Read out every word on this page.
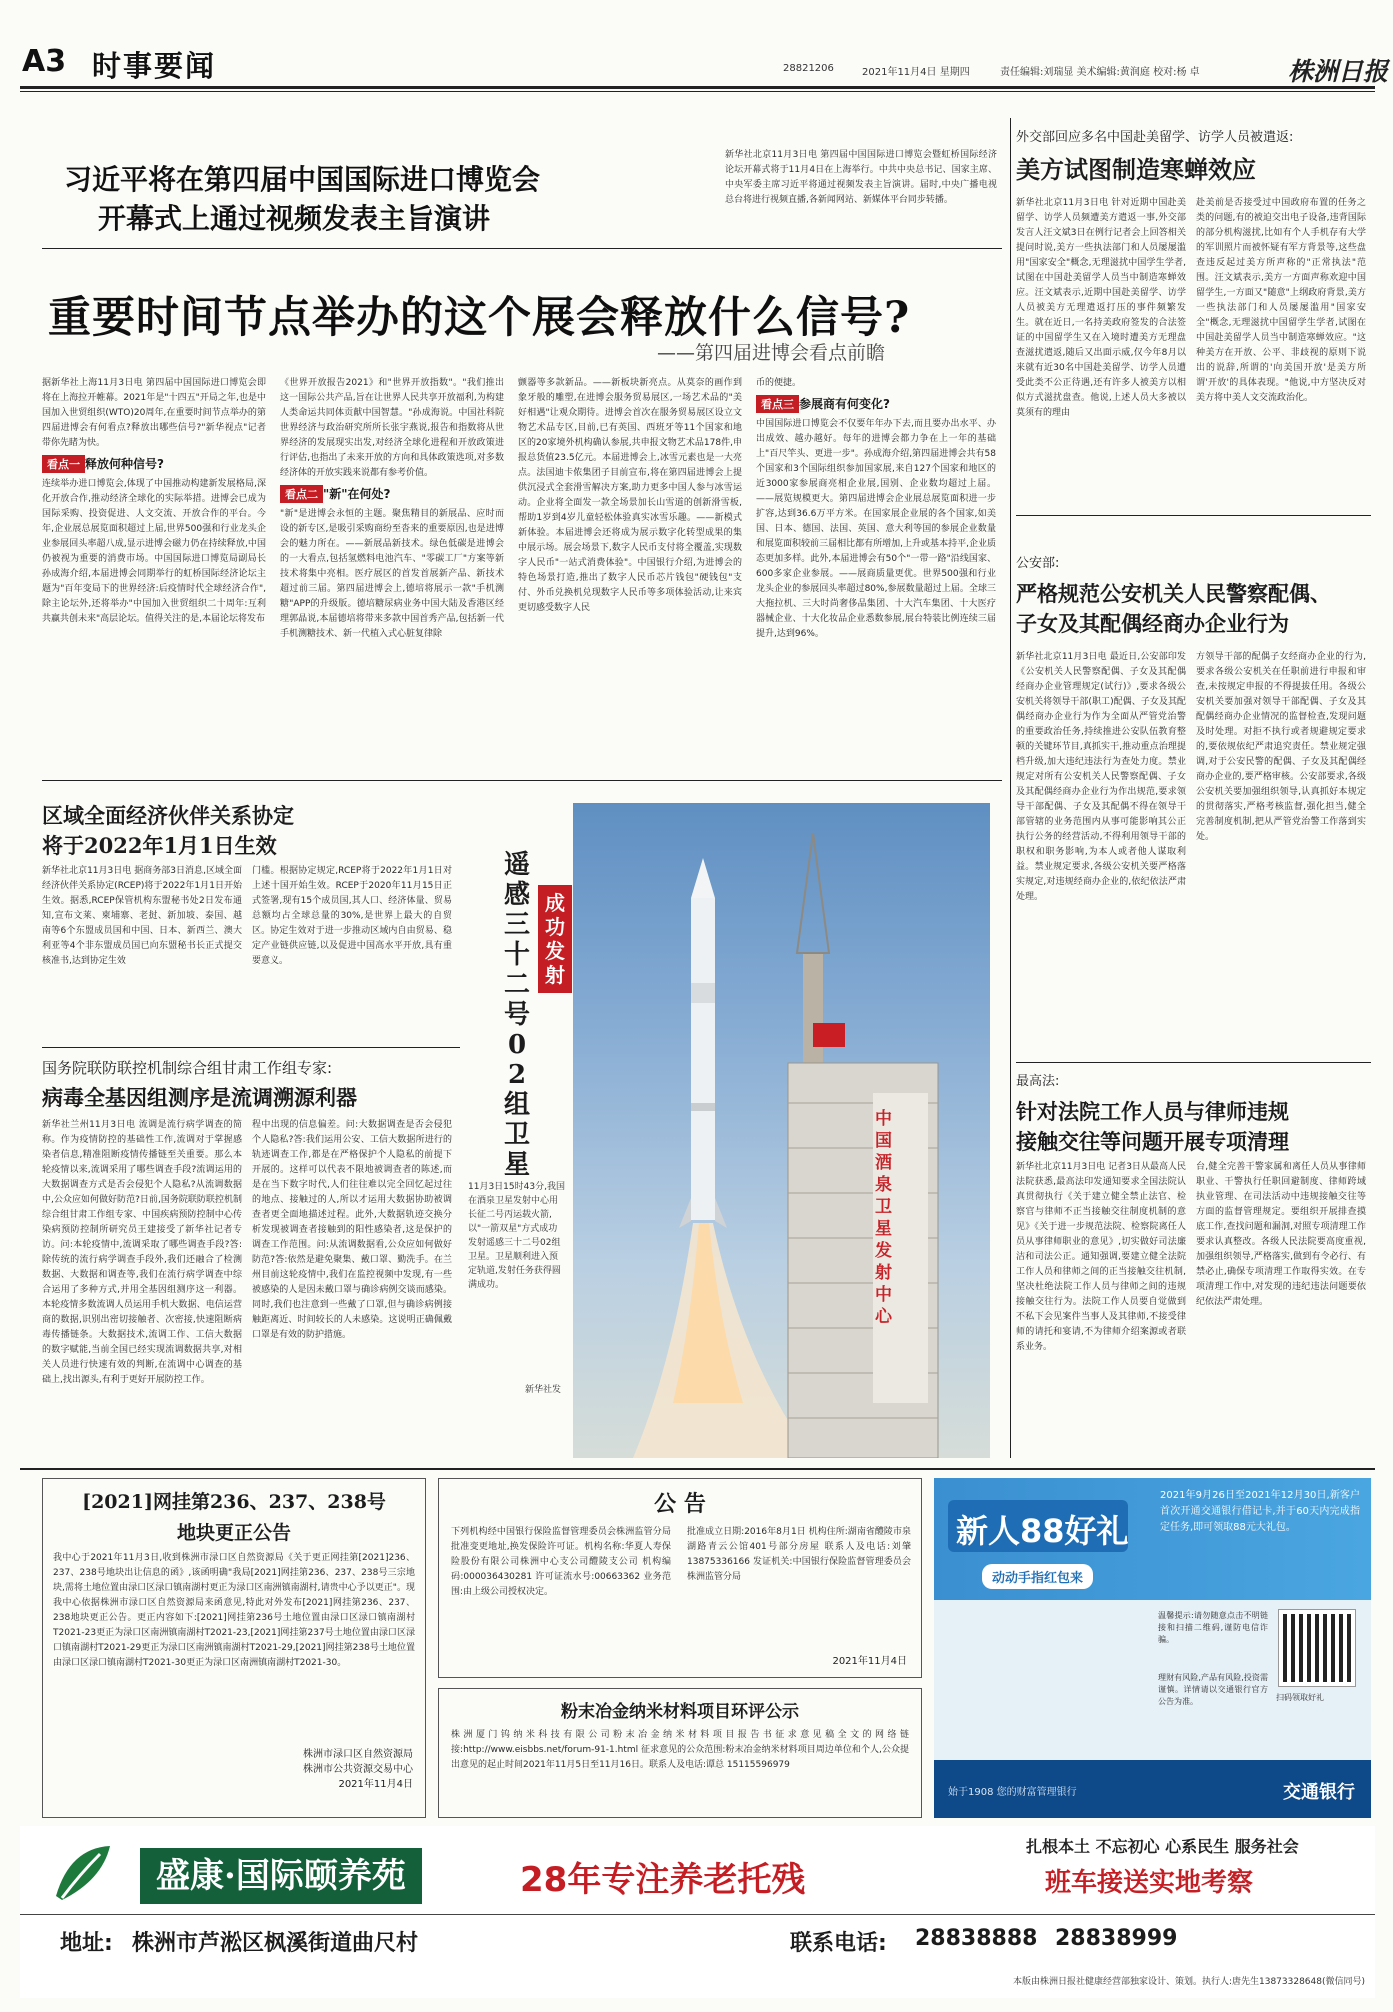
A3 时事要闻	28821206	2021年11月4日 星期四	责任编辑:刘瑞显 美术编辑:黄润庭 校对:杨 卓	株洲日报
习近平将在第四届中国国际进口博览会
开幕式上通过视频发表主旨演讲
新华社北京11月3日电 第四届中国国际进口博览会暨虹桥国际经济论坛开幕式将于11月4日在上海举行。中共中央总书记、国家主席、中央军委主席习近平将通过视频发表主旨演讲。届时,中央广播电视总台将进行视频直播,各新闻网站、新媒体平台同步转播。
重要时间节点举办的这个展会释放什么信号?
——第四届进博会看点前瞻
据新华社上海11月3日电 第四届中国国际进口博览会即将在上海拉开帷幕。2021年是"十四五"开局之年,也是中国加入世贸组织(WTO)20周年,在重要时间节点举办的第四届进博会有何看点?释放出哪些信号?"新华视点"记者带你先睹为快。
看点一 释放何种信号?
连续举办进口博览会,体现了中国推动构建新发展格局,深化开放合作,推动经济全球化的实际举措。进博会已成为国际采购、投资促进、人文交流、开放合作的平台。今年,企业展总展览面积超过上届,世界500强和行业龙头企业参展回头率超八成,显示进博会磁力仍在持续释放,中国仍被视为重要的消费市场。中国国际进口博览局副局长孙成海介绍,本届进博会同期举行的虹桥国际经济论坛主题为"百年变局下的世界经济:后疫情时代全球经济合作",除主论坛外,还将举办"中国加入世贸组织二十周年:互利共赢共创未来"高层论坛。值得关注的是,本届论坛将发布
《世界开放报告2021》和"世界开放指数"。"我们推出这一国际公共产品,旨在让世界人民共享开放福利,为构建人类命运共同体贡献中国智慧。"孙成海说。中国社科院世界经济与政治研究所所长张宇燕说,报告和指数将从世界经济的发展现实出发,对经济全球化进程和开放政策进行评估,也指出了未来开放的方向和具体政策选项,对多数经济体的开放实践来说都有参考价值。
看点二 "新"在何处?
"新"是进博会永恒的主题。聚焦精目的新展品、应时而设的新专区,是吸引采购商纷至沓来的重要原因,也是进博会的魅力所在。——新展品新技术。绿色低碳是进博会的一大看点,包括氢燃料电池汽车、"零碳工厂"方案等新技术将集中亮相。医疗展区的首发首展新产品、新技术超过前三届。第四届进博会上,德培将展示一款"手机测糖"APP的升级版。德培糖尿病业务中国大陆及香港区经理郭晶说,本届德培将带来多款中国首秀产品,包括新一代手机测糖技术、新一代植入式心脏复律除
颤器等多款新品。——新板块新亮点。从莫奈的画作到象牙般的雕塑,在进博会服务贸易展区,一场艺术品的"美好相遇"让观众期待。进博会首次在服务贸易展区设立文物艺术品专区,目前,已有英国、西班牙等11个国家和地区的20家境外机构确认参展,共申报文物艺术品178件,申报总货值23.5亿元。本届进博会上,冰雪元素也是一大亮点。法国迪卡侬集团子目前宣布,将在第四届进博会上提供沉浸式全套滑雪解决方案,助力更多中国人参与冰雪运动。企业将全面发一款全场景加长山雪道的创新滑雪板,帮助1岁到4岁儿童轻松体验真实冰雪乐趣。——新模式新体验。本届进博会还将成为展示数字化转型成果的集中展示场。展会场景下,数字人民币支付将全覆盖,实现数字人民币"一站式消费体验"。中国银行介绍,为进博会的特色场景打造,推出了数字人民币芯片钱包"硬钱包"支付、外币兑换机兑现数字人民币等多项体验活动,让来宾更切感受数字人民
币的便捷。
看点三 参展商有何变化?
中国国际进口博览会不仅要年年办下去,而且要办出水平、办出成效、越办越好。每年的进博会都力争在上一年的基础上"百尺竿头、更进一步"。孙成海介绍,第四届进博会共有58个国家和3个国际组织参加国家展,来自127个国家和地区的近3000家参展商亮相企业展,国别、企业数均超过上届。——展览规模更大。第四届进博会企业展总展览面积进一步扩容,达到36.6万平方米。在国家展企业展的各个国家,如美国、日本、德国、法国、英国、意大利等国的参展企业数量和展览面积较前三届相比都有所增加,上升或基本持平,企业质态更加多样。此外,本届进博会有50个"一带一路"沿线国家、600多家企业参展。——展商质量更优。世界500强和行业龙头企业的参展回头率超过80%,参展数量超过上届。全球三大拖拉机、三大时尚奢侈品集团、十大汽车集团、十大医疗器械企业、十大化妆品企业悉数参展,展台特装比例连续三届提升,达到96%。
区域全面经济伙伴关系协定
将于2022年1月1日生效
新华社北京11月3日电 据商务部3日消息,区域全面经济伙伴关系协定(RCEP)将于2022年1月1日开始生效。据悉,RCEP保管机构东盟秘书处2日发布通知,宣布文莱、柬埔寨、老挝、新加坡、泰国、越南等6个东盟成员国和中国、日本、新西兰、澳大利亚等4个非东盟成员国已向东盟秘书长正式提交核准书,达到协定生效
门槛。根据协定规定,RCEP将于2022年1月1日对上述十国开始生效。RCEP于2020年11月15日正式签署,现有15个成员国,其人口、经济体量、贸易总额均占全球总量的30%,是世界上最大的自贸区。协定生效对于进一步推动区域内自由贸易、稳定产业链供应链,以及促进中国高水平开放,具有重要意义。
国务院联防联控机制综合组甘肃工作组专家:
病毒全基因组测序是流调溯源利器
新华社兰州11月3日电 流调是流行病学调查的简称。作为疫情防控的基础性工作,流调对于掌握感染者信息,精准阻断疫情传播链至关重要。那么本轮疫情以来,流调采用了哪些调查手段?流调运用的大数据调查方式是否会侵犯个人隐私?从流调数据中,公众应如何做好防范?日前,国务院联防联控机制综合组甘肃工作组专家、中国疾病预防控制中心传染病预防控制所研究员王建接受了新华社记者专访。问:本轮疫情中,流调采取了哪些调查手段?答:除传统的流行病学调查手段外,我们还融合了检测数据、大数据和调查等,我们在流行病学调查中综合运用了多种方式,并用全基因组测序这一利器。本轮疫情多数流调人员运用手机大数据、电信运营商的数据,识别出密切接触者、次密接,快速阻断病毒传播链条。大数据技术,流调工作、工信大数据的数字赋能,当前全国已经实现流调数据共享,对相关人员进行快速有效的判断,在流调中心调查的基础上,找出源头,有利于更好开展防控工作。
程中出现的信息偏差。问:大数据调查是否会侵犯个人隐私?答:我们运用公安、工信大数据所进行的轨迹调查工作,都是在严格保护个人隐私的前提下开展的。这样可以代表不限地被调查者的陈述,而是在当下数字时代,人们往往难以完全回忆起过往的地点、接触过的人,所以才运用大数据协助被调查者更全面地描述过程。此外,大数据轨迹交换分析发现被调查者接触到的阳性感染者,这是保护的调查工作范围。问:从流调数据看,公众应如何做好防范?答:依然是避免聚集、戴口罩、勤洗手。在兰州目前这轮疫情中,我们在监控视频中发现,有一些被感染的人是因未戴口罩与确诊病例交谈而感染。同时,我们也注意到一些戴了口罩,但与确诊病例接触距离近、时间较长的人未感染。这说明正确佩戴口罩是有效的防护措施。
中国酒泉卫星发射中心
成功发射
遥感三十二号02组卫星
11月3日15时43分,我国在酒泉卫星发射中心用长征二号丙运载火箭,以"一箭双星"方式成功发射遥感三十二号02组卫星。卫星顺利进入预定轨道,发射任务获得圆满成功。
新华社发
外交部回应多名中国赴美留学、访学人员被遣返:
美方试图制造寒蝉效应
新华社北京11月3日电 针对近期中国赴美留学、访学人员频遭美方遣返一事,外交部发言人汪文斌3日在例行记者会上回答相关提问时说,美方一些执法部门和人员屡屡滥用"国家安全"概念,无理滋扰中国学生学者,试图在中国赴美留学人员当中制造寒蝉效应。汪文斌表示,近期中国赴美留学、访学人员被美方无理遣返打压的事件频繁发生。就在近日,一名持美政府签发的合法签证的中国留学生又在入境时遭美方无理盘查滋扰遣返,随后又出面示威,仅今年8月以来就有近30名中国赴美留学、访学人员遭受此类不公正待遇,还有许多人被美方以相似方式滋扰盘查。他说,上述人员大多被以莫须有的理由
赴美前是否接受过中国政府布置的任务之类的问题,有的被迫交出电子设备,违背国际的部分机构滋扰,比如有个人手机存有大学的军训照片而被怀疑有军方背景等,这些盘查违反起过美方所声称的"正常执法"范围。汪文斌表示,美方一方面声称欢迎中国留学生,一方面又"随意"上纲政府背景,美方一些执法部门和人员屡屡滥用"国家安全"概念,无理滋扰中国留学生学者,试图在中国赴美留学人员当中制造寒蝉效应。"这种美方在开放、公平、非歧视的原则下说出的说辞,所谓的'向美国开放'是美方所谓'开放'的具体表现。"他说,中方坚决反对美方将中美人文交流政治化。
公安部:
严格规范公安机关人民警察配偶、
子女及其配偶经商办企业行为
新华社北京11月3日电 最近日,公安部印发《公安机关人民警察配偶、子女及其配偶经商办企业管理规定(试行)》,要求各级公安机关将领导干部(职工)配偶、子女及其配偶经商办企业行为作为全面从严管党治警的重要政治任务,持续推进公安队伍教育整顿的关键环节目,真抓实干,推动重点治理提档升级,加大违纪违法行为查处力度。禁业规定对所有公安机关人民警察配偶、子女及其配偶经商办企业行为作出规范,要求领导干部配偶、子女及其配偶不得在领导干部管辖的业务范围内从事可能影响其公正执行公务的经营活动,不得利用领导干部的职权和职务影响,为本人或者他人谋取利益。禁业规定要求,各级公安机关要严格落实规定,对违规经商办企业的,依纪依法严肃处理。
方领导干部的配偶子女经商办企业的行为,要求各级公安机关在任职前进行申报和审查,未按规定申报的不得提拔任用。各级公安机关要加强对领导干部配偶、子女及其配偶经商办企业情况的监督检查,发现问题及时处理。对拒不执行或者规避规定要求的,要依规依纪严肃追究责任。禁业规定强调,对于公安民警的配偶、子女及其配偶经商办企业的,要严格审核。公安部要求,各级公安机关要加强组织领导,认真抓好本规定的贯彻落实,严格考核监督,强化担当,健全完善制度机制,把从严管党治警工作落到实处。
最高法:
针对法院工作人员与律师违规
接触交往等问题开展专项清理
新华社北京11月3日电 记者3日从最高人民法院获悉,最高法印发通知要求全国法院认真贯彻执行《关于建立健全禁止法官、检察官与律师不正当接触交往制度机制的意见》《关于进一步规范法院、检察院离任人员从事律师职业的意见》,切实做好司法廉洁和司法公正。通知强调,要建立健全法院工作人员和律师之间的正当接触交往机制,坚决杜绝法院工作人员与律师之间的违规接触交往行为。法院工作人员要自觉做到不私下会见案件当事人及其律师,不接受律师的请托和宴请,不为律师介绍案源或者联系业务。
台,健全完善干警家属和离任人员从事律师职业、干警执行任职回避制度、律师跨域执业管理、在司法活动中违规接触交往等方面的监督管理规定。要组织开展排查摸底工作,查找问题和漏洞,对照专项清理工作要求认真整改。各级人民法院要高度重视,加强组织领导,严格落实,做到有令必行、有禁必止,确保专项清理工作取得实效。在专项清理工作中,对发现的违纪违法问题要依纪依法严肃处理。
[2021]网挂第236、237、238号
地块更正公告
我中心于2021年11月3日,收到株洲市渌口区自然资源局《关于更正网挂第[2021]236、237、238号地块出让信息的函》,该函明确"我局[2021]网挂第236、237、238号三宗地块,需将土地位置由渌口区渌口镇南湖村更正为渌口区南洲镇南湖村,请贵中心予以更正"。现我中心依据株洲市渌口区自然资源局来函意见,特此对外发布[2021]网挂第236、237、238地块更正公告。更正内容如下:[2021]网挂第236号土地位置由渌口区渌口镇南湖村T2021-23更正为渌口区南洲镇南湖村T2021-23,[2021]网挂第237号土地位置由渌口区渌口镇南湖村T2021-29更正为渌口区南洲镇南湖村T2021-29,[2021]网挂第238号土地位置由渌口区渌口镇南湖村T2021-30更正为渌口区南洲镇南湖村T2021-30。
株洲市渌口区自然资源局
株洲市公共资源交易中心
2021年11月4日
公 告
下列机构经中国银行保险监督管理委员会株洲监管分局批准变更地址,换发保险许可证。机构名称:华夏人寿保险股份有限公司株洲中心支公司醴陵支公司 机构编码:000036430281 许可证流水号:00663362 业务范围:由上级公司授权决定。
批准成立日期:2016年8月1日 机构住所:湖南省醴陵市泉湖路青云公馆401号部分房屋 联系人及电话:刘肇 13875336166 发证机关:中国银行保险监督管理委员会株洲监管分局
2021年11月4日
粉末冶金纳米材料项目环评公示
株洲厦门钨纳米科技有限公司粉末冶金纳米材料项目报告书征求意见稿全文的网络链接:http://www.eisbbs.net/forum-91-1.html 征求意见的公众范围:粉末冶金纳米材料项目周边单位和个人,公众提出意见的起止时间2021年11月5日至11月16日。联系人及电话:谭总 15115596979
新人88好礼
动动手指红包来
2021年9月26日至2021年12月30日,新客户首次开通交通银行借记卡,并于60天内完成指定任务,即可领取88元大礼包。
温馨提示:请勿随意点击不明链接和扫描二维码,谨防电信诈骗。
理财有风险,产品有风险,投资需谨慎。详情请以交通银行官方公告为准。	扫码领取好礼
始于1908 您的财富管理银行	交通银行
盛康·国际颐养苑	28年专注养老托残
扎根本土 不忘初心 心系民生 服务社会
班车接送实地考察
地址: 株洲市芦淞区枫溪街道曲尺村	联系电话: 28838888 28838999
本版由株洲日报社健康经营部独家设计、策划。执行人:唐先生13873328648(微信同号)
